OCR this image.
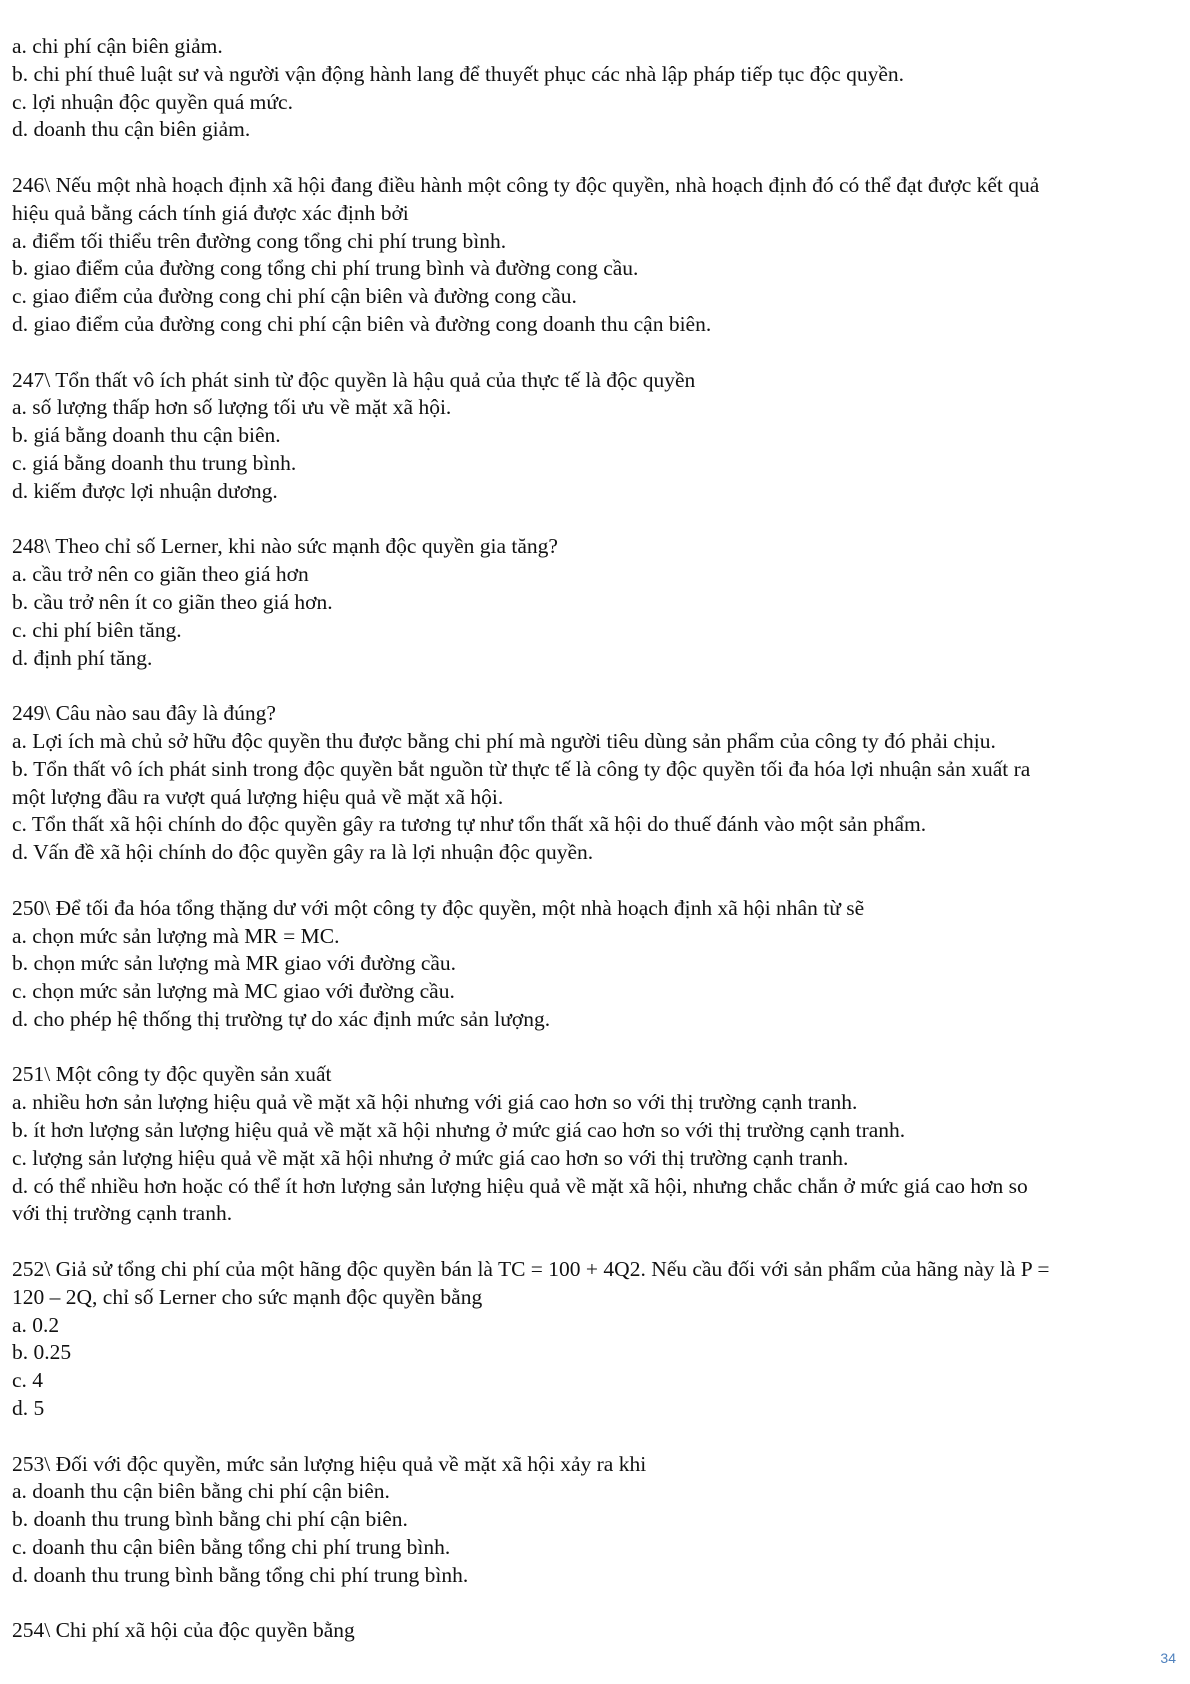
a. chi phí cận biên giảm.
b. chi phí thuê luật sư và người vận động hành lang để thuyết phục các nhà lập pháp tiếp tục độc quyền.
c. lợi nhuận độc quyền quá mức.
d. doanh thu cận biên giảm.
246\ Nếu một nhà hoạch định xã hội đang điều hành một công ty độc quyền, nhà hoạch định đó có thể đạt được kết quả
hiệu quả bằng cách tính giá được xác định bởi
a. điểm tối thiểu trên đường cong tổng chi phí trung bình.
b. giao điểm của đường cong tổng chi phí trung bình và đường cong cầu.
c. giao điểm của đường cong chi phí cận biên và đường cong cầu.
d. giao điểm của đường cong chi phí cận biên và đường cong doanh thu cận biên.
247\ Tổn thất vô ích phát sinh từ độc quyền là hậu quả của thực tế là độc quyền
a. số lượng thấp hơn số lượng tối ưu về mặt xã hội.
b. giá bằng doanh thu cận biên.
c. giá bằng doanh thu trung bình.
d. kiếm được lợi nhuận dương.
248\ Theo chỉ số Lerner, khi nào sức mạnh độc quyền gia tăng?
a. cầu trở nên co giãn theo giá hơn
b. cầu trở nên ít co giãn theo giá hơn.
c. chi phí biên tăng.
d. định phí tăng.
249\ Câu nào sau đây là đúng?
a. Lợi ích mà chủ sở hữu độc quyền thu được bằng chi phí mà người tiêu dùng sản phẩm của công ty đó phải chịu.
b. Tổn thất vô ích phát sinh trong độc quyền bắt nguồn từ thực tế là công ty độc quyền tối đa hóa lợi nhuận sản xuất ra
một lượng đầu ra vượt quá lượng hiệu quả về mặt xã hội.
c. Tổn thất xã hội chính do độc quyền gây ra tương tự như tổn thất xã hội do thuế đánh vào một sản phẩm.
d. Vấn đề xã hội chính do độc quyền gây ra là lợi nhuận độc quyền.
250\ Để tối đa hóa tổng thặng dư với một công ty độc quyền, một nhà hoạch định xã hội nhân từ sẽ
a. chọn mức sản lượng mà MR = MC.
b. chọn mức sản lượng mà MR giao với đường cầu.
c. chọn mức sản lượng mà MC giao với đường cầu.
d. cho phép hệ thống thị trường tự do xác định mức sản lượng.
251\ Một công ty độc quyền sản xuất
a. nhiều hơn sản lượng hiệu quả về mặt xã hội nhưng với giá cao hơn so với thị trường cạnh tranh.
b. ít hơn lượng sản lượng hiệu quả về mặt xã hội nhưng ở mức giá cao hơn so với thị trường cạnh tranh.
c. lượng sản lượng hiệu quả về mặt xã hội nhưng ở mức giá cao hơn so với thị trường cạnh tranh.
d. có thể nhiều hơn hoặc có thể ít hơn lượng sản lượng hiệu quả về mặt xã hội, nhưng chắc chắn ở mức giá cao hơn so
với thị trường cạnh tranh.
252\ Giả sử tổng chi phí của một hãng độc quyền bán là TC = 100 + 4Q2. Nếu cầu đối với sản phẩm của hãng này là P =
120 – 2Q, chỉ số Lerner cho sức mạnh độc quyền bằng
a. 0.2
b. 0.25
c. 4
d. 5
253\ Đối với độc quyền, mức sản lượng hiệu quả về mặt xã hội xảy ra khi
a. doanh thu cận biên bằng chi phí cận biên.
b. doanh thu trung bình bằng chi phí cận biên.
c. doanh thu cận biên bằng tổng chi phí trung bình.
d. doanh thu trung bình bằng tổng chi phí trung bình.
254\ Chi phí xã hội của độc quyền bằng
34
